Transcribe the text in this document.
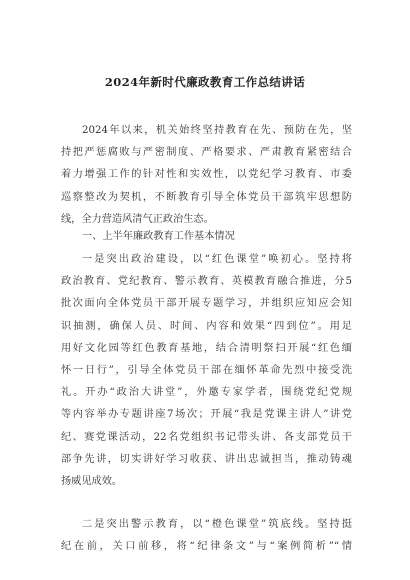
2024年新时代廉政教育工作总结讲话
2024年以来，机关始终坚持教育在先、预防在先，坚
持把严惩腐败与严密制度、严格要求、严肃教育紧密结合
着力增强工作的针对性和实效性，以党纪学习教育、市委
巡察整改为契机，不断教育引导全体党员干部筑牢思想防
线，全力营造风清气正政治生态。
一、上半年廉政教育工作基本情况
一是突出政治建设，以“红色课堂”唤初心。坚持将
政治教育、党纪教育、警示教育、英模教育融合推进，分5
批次面向全体党员干部开展专题学习，并组织应知应会知
识抽测，确保人员、时间、内容和效果“四到位”。用足
用好文化园等红色教育基地，结合清明祭扫开展“红色缅
怀一日行”，引导全体党员干部在缅怀革命先烈中接受洗
礼。开办“政治大讲堂”，外邀专家学者，围绕党纪党规
等内容举办专题讲座7场次；开展“我是党课主讲人”讲党
纪、赛党课活动，22名党组织书记带头讲、各支部党员干
部争先讲，切实讲好学习收获、讲出忠诚担当，推动铸魂
扬威见成效。
二是突出警示教育，以“橙色课堂”筑底线。坚持挺
纪在前，关口前移，将“纪律条文”与“案例简析”“情
